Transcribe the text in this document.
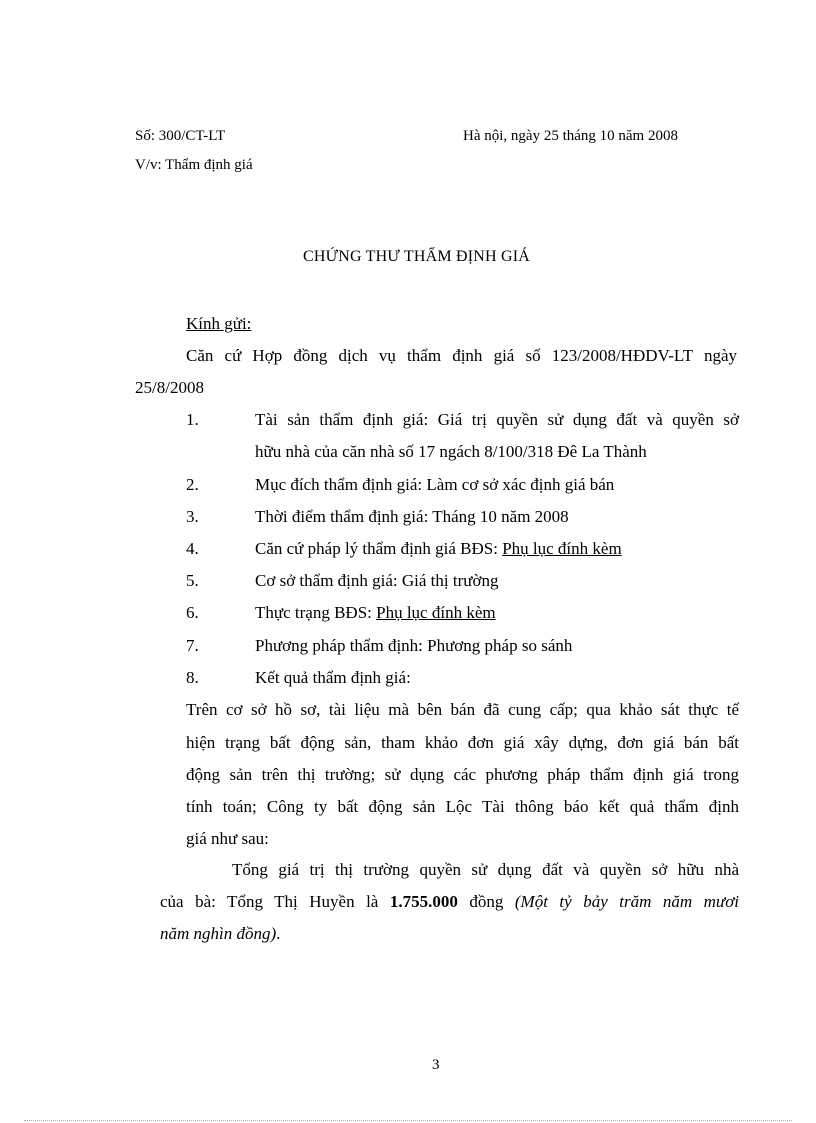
Số: 300/CT-LT	Hà nội, ngày 25 tháng 10 năm 2008
V/v: Thẩm định giá
CHỨNG THƯ THẨM ĐỊNH GIÁ
Kính gửi:
Căn cứ Hợp đồng dịch vụ thẩm định giá số 123/2008/HĐDV-LT ngày
25/8/2008
1.	Tài sản thẩm định giá: Giá trị quyền sử dụng đất và quyền sở
hữu nhà của căn nhà số 17 ngách 8/100/318 Đê La Thành
2.	Mục đích thẩm định giá: Làm cơ sở xác định giá bán
3.	Thời điểm thẩm định giá: Tháng 10 năm 2008
4.	Căn cứ pháp lý thẩm định giá BĐS: Phụ lục đính kèm
5.	Cơ sở thẩm định giá: Giá thị trường
6.	Thực trạng BĐS: Phụ lục đính kèm
7.	Phương pháp thẩm định: Phương pháp so sánh
8.	Kết quả thẩm định giá:
Trên cơ sở hồ sơ, tài liệu mà bên bán đã cung cấp; qua khảo sát thực tế
hiện trạng bất động sản, tham khảo đơn giá xây dựng, đơn giá bán bất
động sản trên thị trường; sử dụng các phương pháp thẩm định giá trong
tính toán; Công ty bất động sản Lộc Tài thông báo kết quả thẩm định
giá như sau:
Tổng giá trị thị trường quyền sử dụng đất và quyền sở hữu nhà
của bà: Tổng Thị Huyền là 1.755.000 đồng (Một tỷ bảy trăm năm mươi
năm nghìn đồng).
3
